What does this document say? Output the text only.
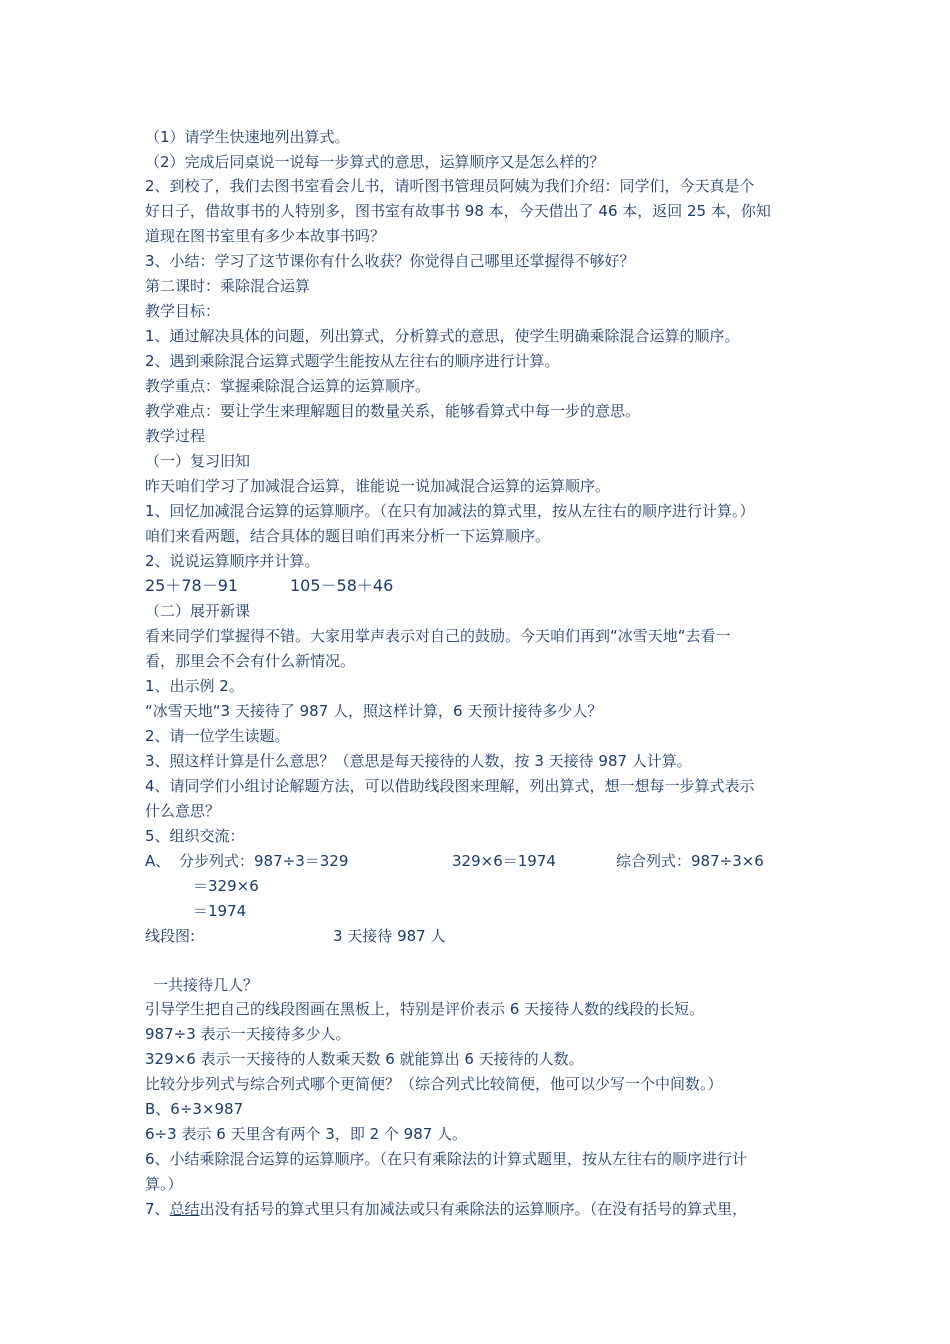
（1）请学生快速地列出算式。
（2）完成后同桌说一说每一步算式的意思，运算顺序又是怎么样的？
2、到校了，我们去图书室看会儿书，请听图书管理员阿姨为我们介绍：同学们，今天真是个
好日子，借故事书的人特别多，图书室有故事书 98 本，今天借出了 46 本，返回 25 本，你知
道现在图书室里有多少本故事书吗？
3、小结：学习了这节课你有什么收获？你觉得自己哪里还掌握得不够好？
第二课时：乘除混合运算
教学目标：
1、通过解决具体的问题，列出算式，分析算式的意思，使学生明确乘除混合运算的顺序。
2、遇到乘除混合运算式题学生能按从左往右的顺序进行计算。
教学重点：掌握乘除混合运算的运算顺序。
教学难点：要让学生来理解题目的数量关系，能够看算式中每一步的意思。
教学过程
（一）复习旧知
昨天咱们学习了加减混合运算，谁能说一说加减混合运算的运算顺序。
1、回忆加减混合运算的运算顺序。（在只有加减法的算式里，按从左往右的顺序进行计算。）
咱们来看两题，结合具体的题目咱们再来分析一下运算顺序。
2、说说运算顺序并计算。
25＋78－91	105－58＋46
（二）展开新课
看来同学们掌握得不错。大家用掌声表示对自己的鼓励。今天咱们再到“冰雪天地“去看一
看，那里会不会有什么新情况。
1、出示例 2。
“冰雪天地“3 天接待了 987 人，照这样计算，6 天预计接待多少人？
2、请一位学生读题。
3、照这样计算是什么意思？（意思是每天接待的人数，按 3 天接待 987 人计算。
4、请同学们小组讨论解题方法，可以借助线段图来理解，列出算式，想一想每一步算式表示
什么意思？
5、组织交流：
A、 分步列式：987÷3＝329	329×6＝1974	综合列式：987÷3×6
＝329×6
＝1974
线段图:	3 天接待 987 人
一共接待几人？
引导学生把自己的线段图画在黑板上，特别是评价表示 6 天接待人数的线段的长短。
987÷3 表示一天接待多少人。
329×6 表示一天接待的人数乘天数 6 就能算出 6 天接待的人数。
比较分步列式与综合列式哪个更简便？（综合列式比较简便，他可以少写一个中间数。）
B、6÷3×987
6÷3 表示 6 天里含有两个 3，即 2 个 987 人。
6、小结乘除混合运算的运算顺序。（在只有乘除法的计算式题里，按从左往右的顺序进行计
算。）
7、总结出没有括号的算式里只有加减法或只有乘除法的运算顺序。（在没有括号的算式里，
